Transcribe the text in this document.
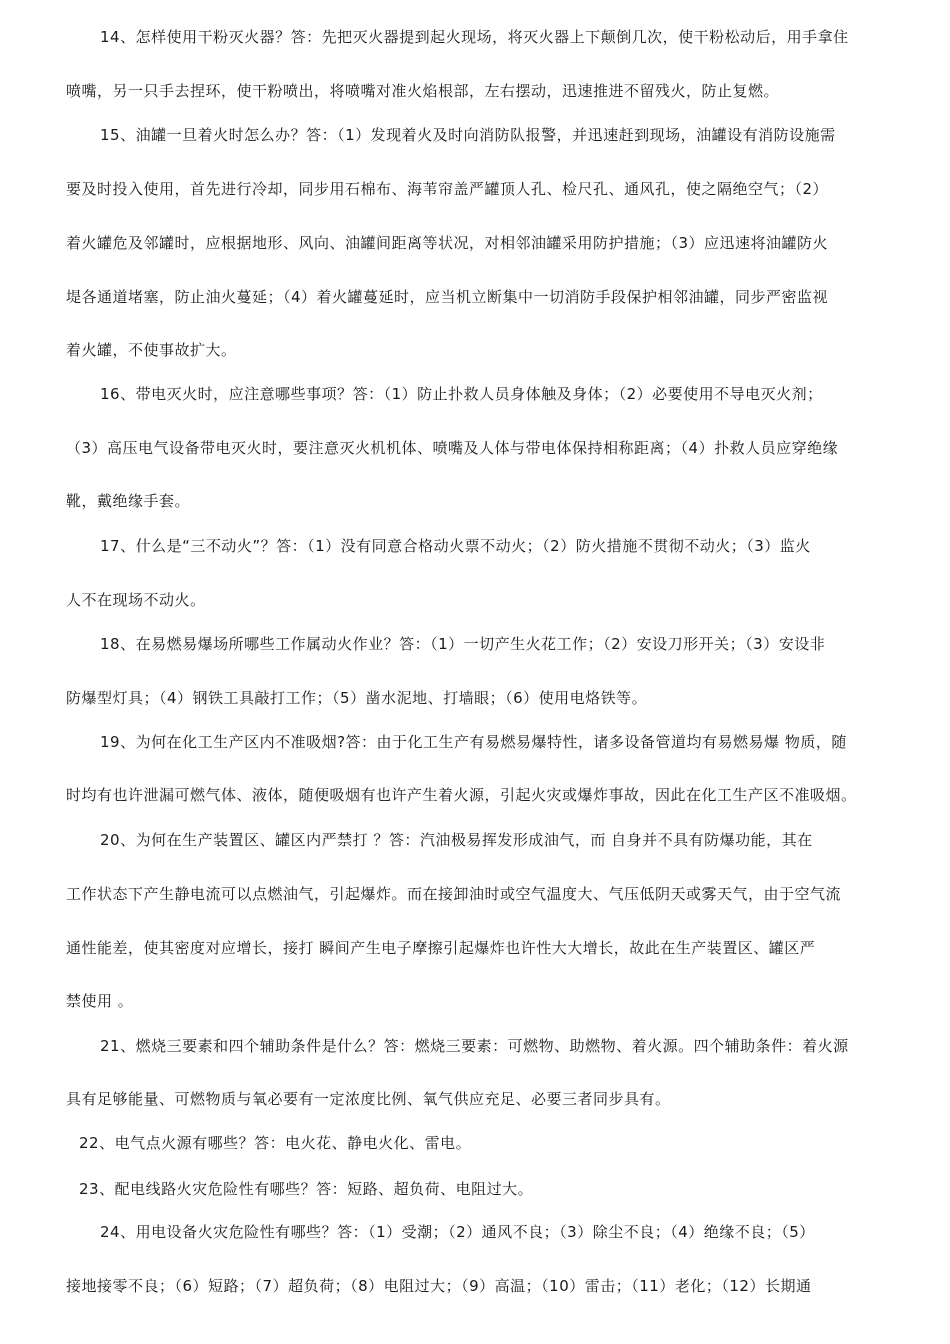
14、怎样使用干粉灭火器？答：先把灭火器提到起火现场，将灭火器上下颠倒几次，使干粉松动后，用手拿住
喷嘴，另一只手去捏环，使干粉喷出，将喷嘴对准火焰根部，左右摆动，迅速推进不留残火，防止复燃。
15、油罐一旦着火时怎么办？答：（1）发现着火及时向消防队报警，并迅速赶到现场，油罐设有消防设施需
要及时投入使用，首先进行冷却，同步用石棉布、海苇帘盖严罐顶人孔、检尺孔、通风孔，使之隔绝空气；（2）
着火罐危及邻罐时，应根据地形、风向、油罐间距离等状况，对相邻油罐采用防护措施；（3）应迅速将油罐防火
堤各通道堵塞，防止油火蔓延；（4）着火罐蔓延时，应当机立断集中一切消防手段保护相邻油罐，同步严密监视
着火罐，不使事故扩大。
16、带电灭火时，应注意哪些事项？答：（1）防止扑救人员身体触及身体；（2）必要使用不导电灭火剂；
（3）高压电气设备带电灭火时，要注意灭火机机体、喷嘴及人体与带电体保持相称距离；（4）扑救人员应穿绝缘
靴，戴绝缘手套。
17、什么是“三不动火”？答：（1）没有同意合格动火票不动火；（2）防火措施不贯彻不动火；（3）监火
人不在现场不动火。
18、在易燃易爆场所哪些工作属动火作业？答：（1）一切产生火花工作；（2）安设刀形开关；（3）安设非
防爆型灯具；（4）钢铁工具敲打工作；（5）凿水泥地、打墙眼；（6）使用电烙铁等。
19、为何在化工生产区内不准吸烟?答：由于化工生产有易燃易爆特性，诸多设备管道均有易燃易爆 物质，随
时均有也许泄漏可燃气体、液体，随便吸烟有也许产生着火源，引起火灾或爆炸事故，因此在化工生产区不准吸烟。
20、为何在生产装置区、罐区内严禁打 ？答：汽油极易挥发形成油气，而 自身并不具有防爆功能，其在
工作状态下产生静电流可以点燃油气，引起爆炸。而在接卸油时或空气温度大、气压低阴天或雾天气，由于空气流
通性能差，使其密度对应增长，接打 瞬间产生电子摩擦引起爆炸也许性大大增长，故此在生产装置区、罐区严
禁使用 。
21、燃烧三要素和四个辅助条件是什么？答：燃烧三要素：可燃物、助燃物、着火源。四个辅助条件：着火源
具有足够能量、可燃物质与氧必要有一定浓度比例、氧气供应充足、必要三者同步具有。
22、电气点火源有哪些？答：电火花、静电火化、雷电。
23、配电线路火灾危险性有哪些？答：短路、超负荷、电阻过大。
24、用电设备火灾危险性有哪些？答：（1）受潮；（2）通风不良；（3）除尘不良；（4）绝缘不良；（5）
接地接零不良；（6）短路；（7）超负荷；（8）电阻过大；（9）高温；（10）雷击；（11）老化；（12）长期通
